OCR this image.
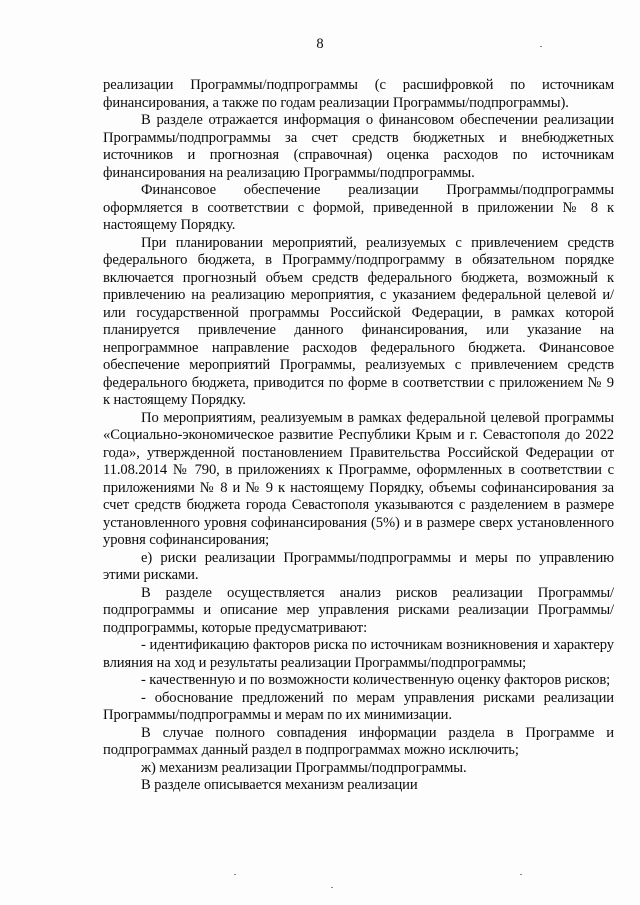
8

реализации Программы/подпрограммы (с расшифровкой по источникам финансирования, а также по годам реализации Программы/подпрограммы).

В разделе отражается информация о финансовом обеспечении реализации Программы/подпрограммы за счет средств бюджетных и внебюджетных источников и прогнозная (справочная) оценка расходов по источникам финансирования на реализацию Программы/подпрограммы.

Финансовое обеспечение реализации Программы/подпрограммы оформляется в соответствии с формой, приведенной в приложении № 8 к настоящему Порядку.

При планировании мероприятий, реализуемых с привлечением средств федерального бюджета, в Программу/подпрограмму в обязательном порядке включается прогнозный объем средств федерального бюджета, возможный к привлечению на реализацию мероприятия, с указанием федеральной целевой и/или государственной программы Российской Федерации, в рамках которой планируется привлечение данного финансирования, или указание на непрограммное направление расходов федерального бюджета. Финансовое обеспечение мероприятий Программы, реализуемых с привлечением средств федерального бюджета, приводится по форме в соответствии с приложением № 9 к настоящему Порядку.

По мероприятиям, реализуемым в рамках федеральной целевой программы «Социально-экономическое развитие Республики Крым и г. Севастополя до 2022 года», утвержденной постановлением Правительства Российской Федерации от 11.08.2014 № 790, в приложениях к Программе, оформленных в соответствии с приложениями № 8 и № 9 к настоящему Порядку, объемы софинансирования за счет средств бюджета города Севастополя указываются с разделением в размере установленного уровня софинансирования (5%) и в размере сверх установленного уровня софинансирования;

е) риски реализации Программы/подпрограммы и меры по управлению этими рисками.

В разделе осуществляется анализ рисков реализации Программы/подпрограммы и описание мер управления рисками реализации Программы/подпрограммы, которые предусматривают:

- идентификацию факторов риска по источникам возникновения и характеру влияния на ход и результаты реализации Программы/подпрограммы;

- качественную и по возможности количественную оценку факторов рисков;

- обоснование предложений по мерам управления рисками реализации Программы/подпрограммы и мерам по их минимизации.

В случае полного совпадения информации раздела в Программе и подпрограммах данный раздел в подпрограммах можно исключить;

ж) механизм реализации Программы/подпрограммы.

В разделе описывается механизм реализации
